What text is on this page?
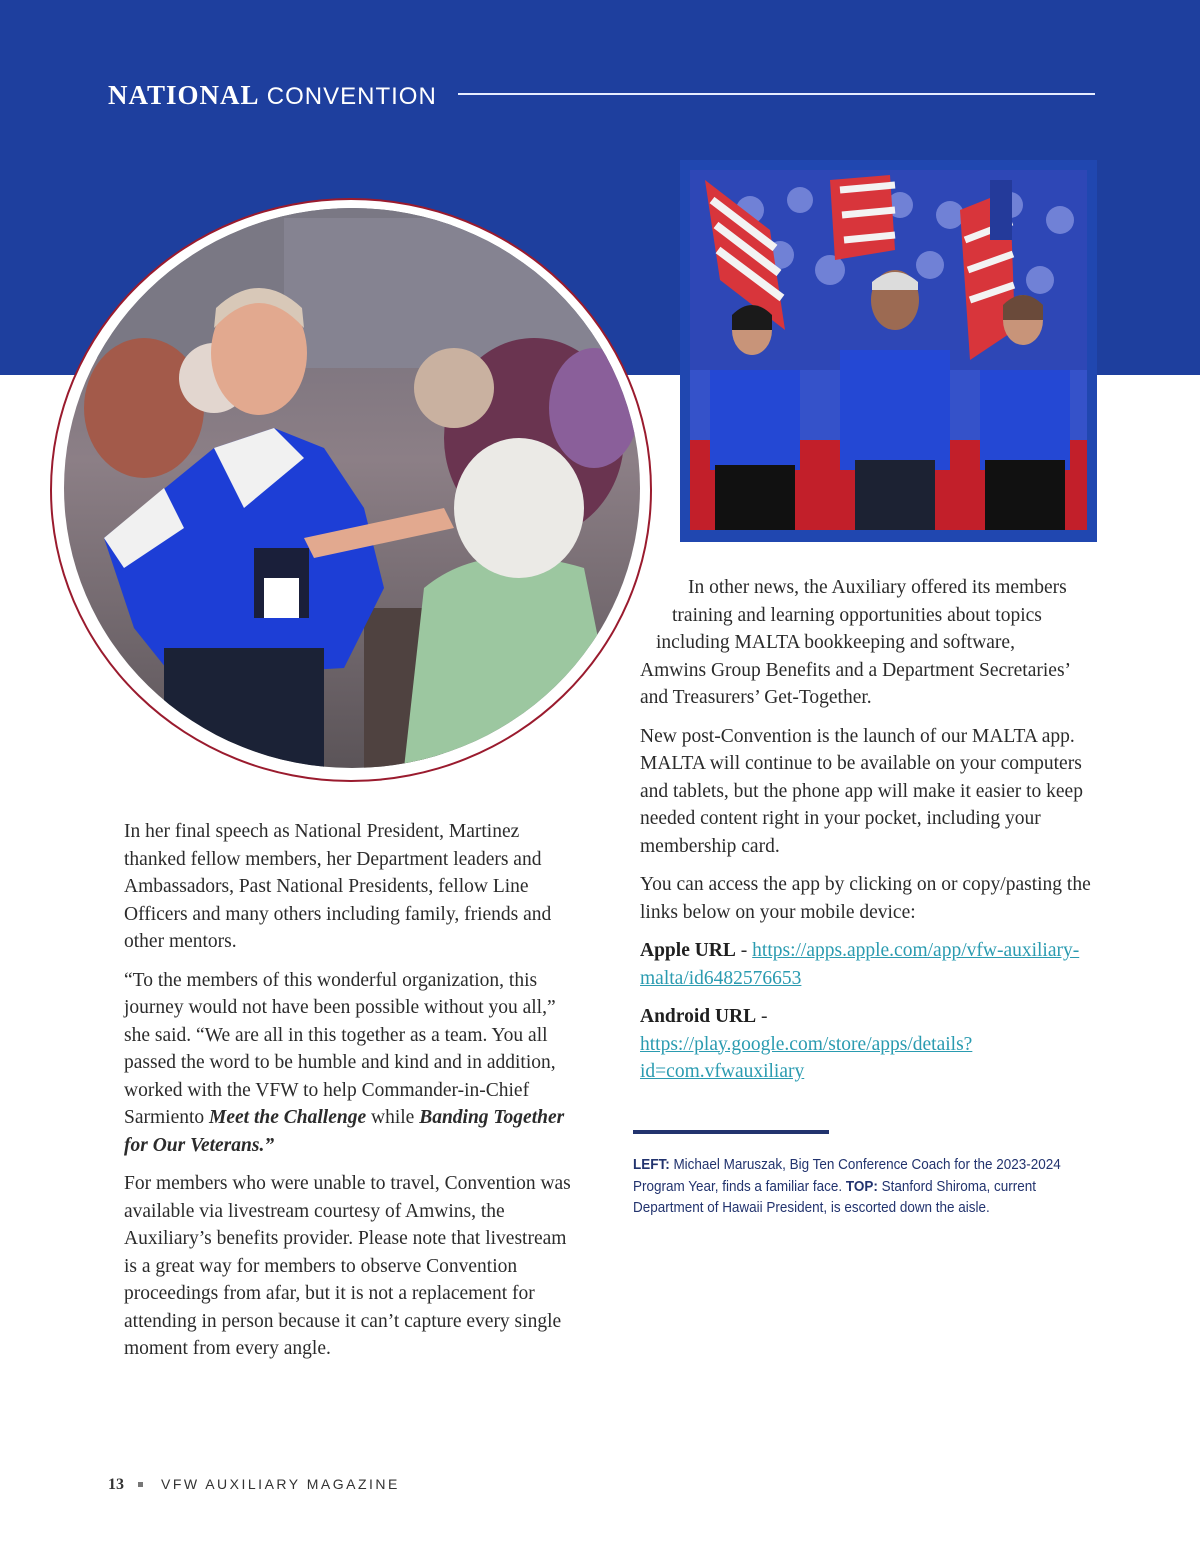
NATIONAL CONVENTION

In her final speech as National President, Martinez thanked fellow members, her Department leaders and Ambassadors, Past National Presidents, fellow Line Officers and many others including family, friends and other mentors.

“To the members of this wonderful organization, this journey would not have been possible without you all,” she said. “We are all in this together as a team. You all passed the word to be humble and kind and in addition, worked with the VFW to help Commander-in-Chief Sarmiento Meet the Challenge while Banding Together for Our Veterans.”

For members who were unable to travel, Convention was available via livestream courtesy of Amwins, the Auxiliary’s benefits provider. Please note that livestream is a great way for members to observe Convention proceedings from afar, but it is not a replacement for attending in person because it can’t capture every single moment from every angle.

In other news, the Auxiliary offered its members
training and learning opportunities about topics
including MALTA bookkeeping and software,
Amwins Group Benefits and a Department Secretaries’
and Treasurers’ Get-Together.

New post-Convention is the launch of our MALTA app. MALTA will continue to be available on your computers and tablets, but the phone app will make it easier to keep needed content right in your pocket, including your membership card.

You can access the app by clicking on or copy/pasting the links below on your mobile device:

Apple URL - https://apps.apple.com/app/vfw-auxiliary-malta/id6482576653

Android URL - https://play.google.com/store/apps/details?id=com.vfwauxiliary

LEFT: Michael Maruszak, Big Ten Conference Coach for the 2023-2024 Program Year, finds a familiar face. TOP: Stanford Shiroma, current Department of Hawaii President, is escorted down the aisle.
13	VFW AUXILIARY MAGAZINE
